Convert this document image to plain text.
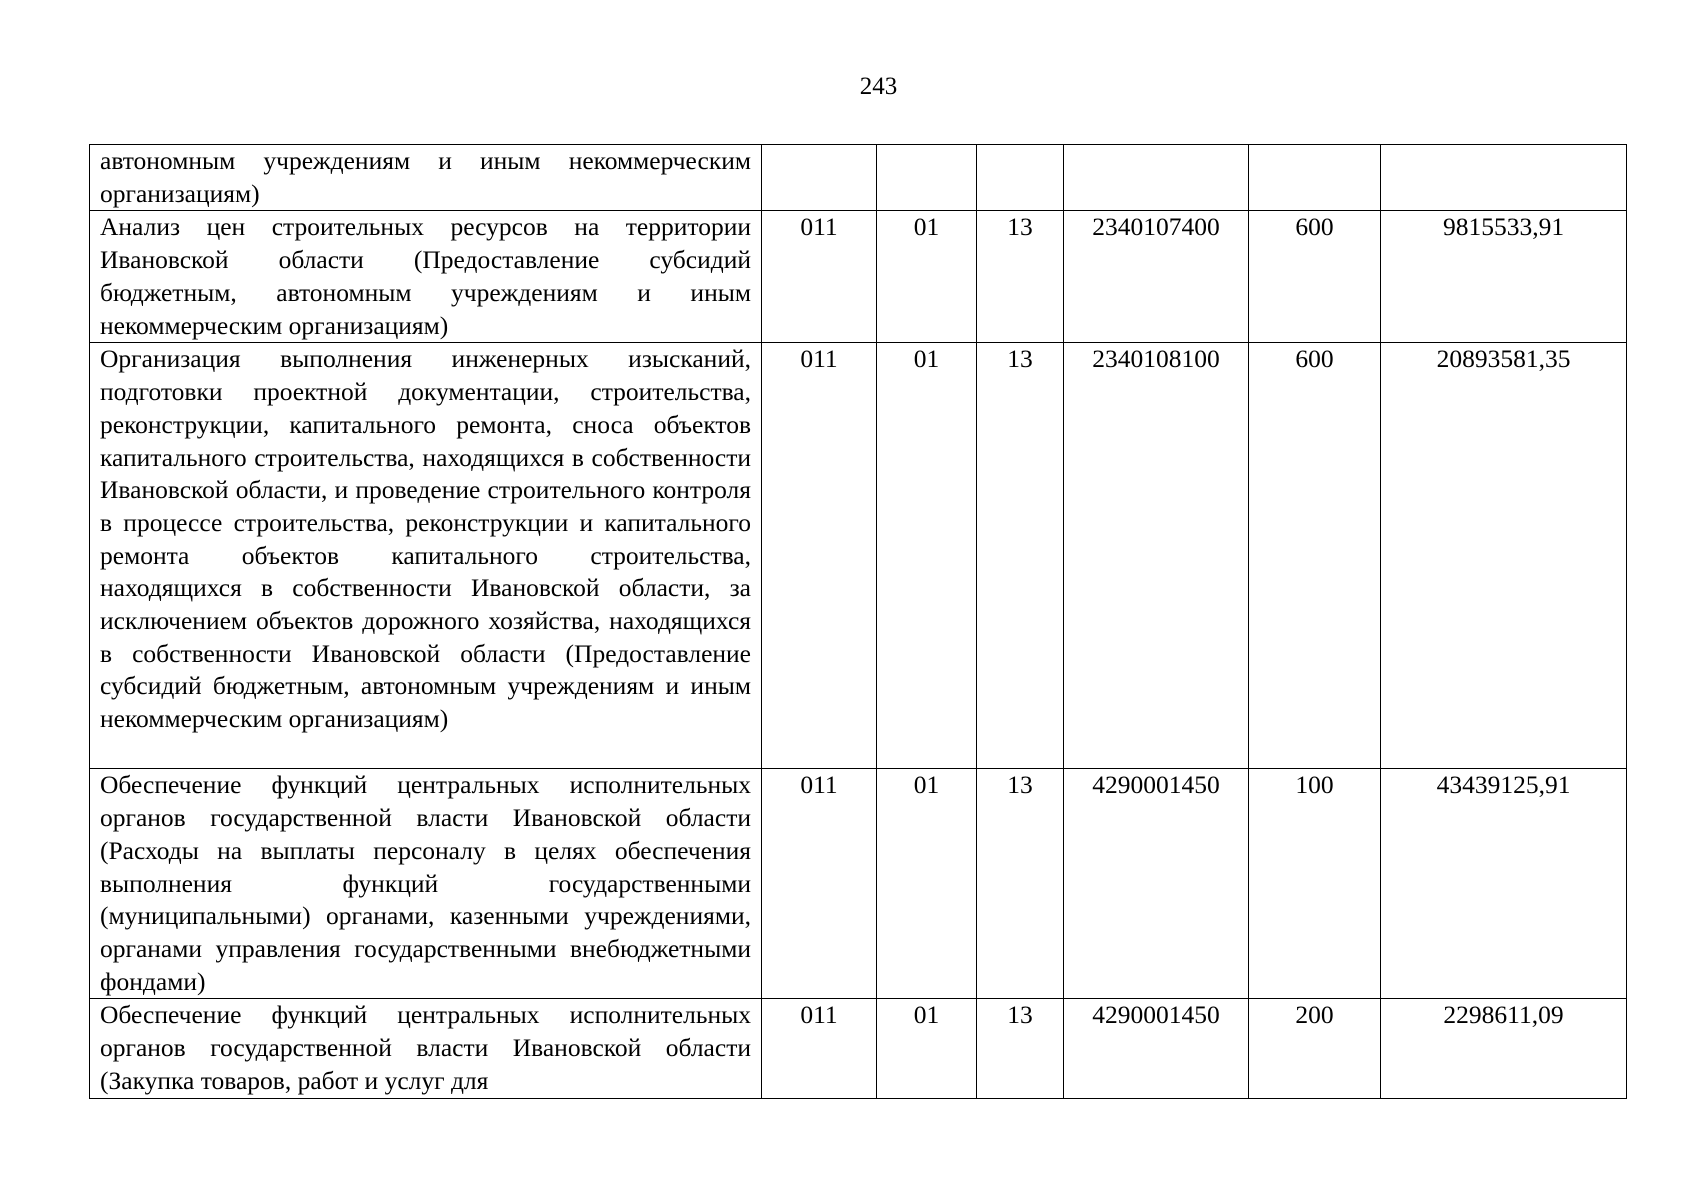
243
автономным учреждениям и иным некоммерческим организациям)						
Анализ цен строительных ресурсов на территории Ивановской области (Предоставление субсидий бюджетным, автономным учреждениям и иным некоммерческим организациям)	011	01	13	2340107400	600	9815533,91
Организация выполнения инженерных изысканий, подготовки проектной документации, строительства, реконструкции, капитального ремонта, сноса объектов капитального строительства, находящихся в собственности Ивановской области, и проведение строительного контроля в процессе строительства, реконструкции и капитального ремонта объектов капитального строительства, находящихся в собственности Ивановской области, за исключением объектов дорожного хозяйства, находящихся в собственности Ивановской области (Предоставление субсидий бюджетным, автономным учреждениям и иным некоммерческим организациям)	011	01	13	2340108100	600	20893581,35
Обеспечение функций центральных исполнительных органов государственной власти Ивановской области (Расходы на выплаты персоналу в целях обеспечения выполнения функций государственными (муниципальными) органами, казенными учреждениями, органами управления государственными внебюджетными фондами)	011	01	13	4290001450	100	43439125,91
Обеспечение функций центральных исполнительных органов государственной власти Ивановской области (Закупка товаров, работ и услуг для	011	01	13	4290001450	200	2298611,09
